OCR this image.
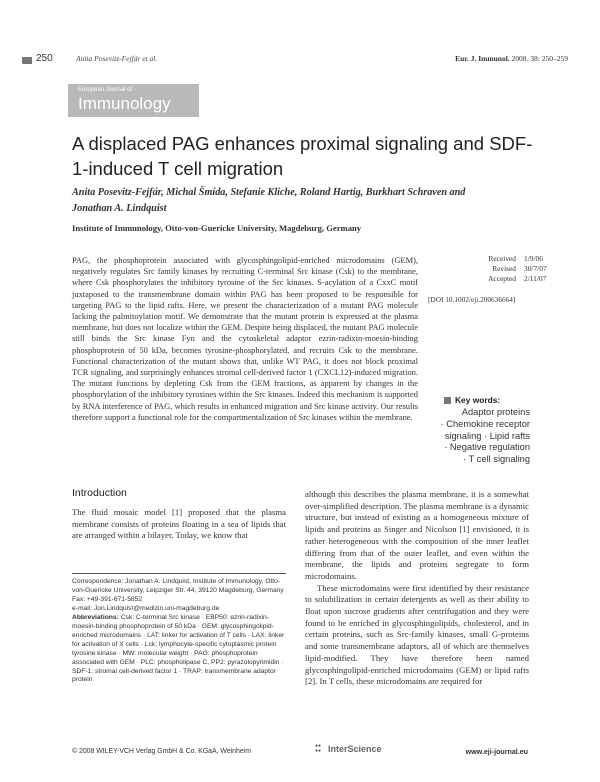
250	Anita Posevitz-Fejfár et al.	Eur. J. Immunol. 2008. 38: 250–259
European Journal of
Immunology
A displaced PAG enhances proximal signaling and SDF-1-induced T cell migration
Anita Posevitz-Fejfár, Michal Šmída, Stefanie Kliche, Roland Hartig, Burkhart Schraven and Jonathan A. Lindquist
Institute of Immunology, Otto-von-Guericke University, Magdeburg, Germany
Received 1/9/06
Revised 30/7/07
Accepted 2/11/07
[DOI 10.1002/eji.200636664]
PAG, the phosphoprotein associated with glycosphingolipid-enriched microdomains (GEM), negatively regulates Src family kinases by recruiting C-terminal Src kinase (Csk) to the membrane, where Csk phosphorylates the inhibitory tyrosine of the Src kinases. S-acylation of a CxxC motif juxtaposed to the transmembrane domain within PAG has been proposed to be responsible for targeting PAG to the lipid rafts. Here, we present the characterization of a mutant PAG molecule lacking the palmitoylation motif. We demonstrate that the mutant protein is expressed at the plasma membrane, but does not localize within the GEM. Despite being displaced, the mutant PAG molecule still binds the Src kinase Fyn and the cytoskeletal adaptor ezrin-radixin-moesin-binding phosphoprotein of 50 kDa, becomes tyrosine-phosphorylated, and recruits Csk to the membrane. Functional characterization of the mutant shows that, unlike WT PAG, it does not block proximal TCR signaling, and surprisingly enhances stromal cell-derived factor 1 (CXCL12)-induced migration. The mutant functions by depleting Csk from the GEM fractions, as apparent by changes in the phosphorylation of the inhibitory tyrosines within the Src kinases. Indeed this mechanism is supported by RNA interference of PAG, which results in enhanced migration and Src kinase activity. Our results therefore support a functional role for the compartmentalization of Src kinases within the membrane.
Key words:
Adaptor proteins
· Chemokine receptor
signaling · Lipid rafts
· Negative regulation
· T cell signaling
Introduction
The fluid mosaic model [1] proposed that the plasma membrane consists of proteins floating in a sea of lipids that are arranged within a bilayer. Today, we know that
Correspondence: Jonathan A. Lindquist, Institute of Immunology, Otto-von-Guericke University, Leipziger Str. 44, 39120 Magdeburg, Germany
Fax: +49-391-671-5852
e-mail: Jon.Lindquist@medizin.uni-magdeburg.de
Abbreviations: Csk: C-terminal Src kinase · EBP50: ezrin-radixin-moesin-binding phosphoprotein of 50 kDa · GEM: glycosphingolipid-enriched microdomains · LAT: linker for activation of T cells · LAX: linker for activation of X cells · Lck: lymphocyte-specific cytoplasmic protein tyrosine kinase · MW: molecular weight · PAG: phosphoprotein associated with GEM · PLC: phospholipase C, PP2: pyrazolopyrimidin · SDF-1: stromal cell-derived factor 1 · TRAP: transmembrane adaptor protein

although this describes the plasma membrane, it is a somewhat over-simplified description. The plasma membrane is a dynamic structure, but instead of existing as a homogeneous mixture of lipids and proteins as Singer and Nicolson [1] envisioned, it is rather heterogeneous with the composition of the inner leaflet differing from that of the outer leaflet, and even within the membrane, the lipids and proteins segregate to form microdomains.

These microdomains were first identified by their resistance to solubilization in certain detergents as well as their ability to float upon sucrose gradients after centrifugation and they were found to be enriched in glycosphingolipids, cholesterol, and in certain proteins, such as Src-family kinases, small G-proteins and some transmembrane adaptors, all of which are themselves lipid-modified. They have therefore been named glycosphingolipid-enriched microdomains (GEM) or lipid rafts [2]. In T cells, these microdomains are required for

© 2008 WILEY-VCH Verlag GmbH & Co. KGaA, Weinheim
●●
●● InterScience	www.eji-journal.eu
